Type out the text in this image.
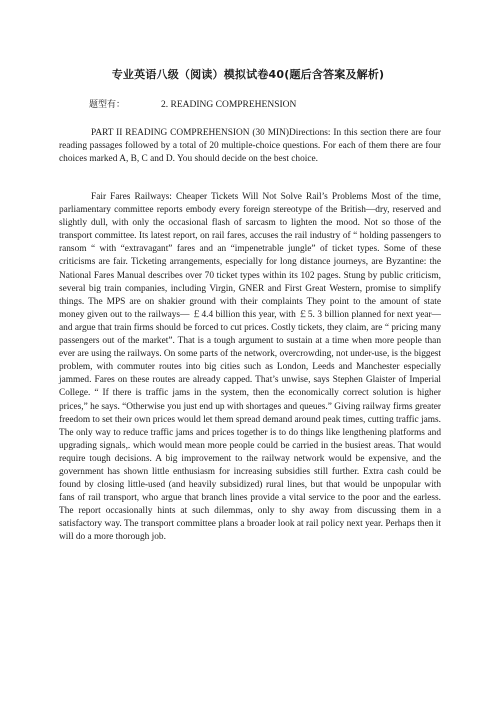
专业英语八级（阅读）模拟试卷40(题后含答案及解析)
题型有：	2. READING COMPREHENSION
PART II READING COMPREHENSION (30 MIN)Directions: In this section there are four reading passages followed by a total of 20 multiple-choice questions. For each of them there are four choices marked A, B, C and D. You should decide on the best choice.
Fair Fares Railways: Cheaper Tickets Will Not Solve Rail’s Problems Most of the time, parliamentary committee reports embody every foreign stereotype of the British—dry, reserved and slightly dull, with only the occasional flash of sarcasm to lighten the mood. Not so those of the transport committee. Its latest report, on rail fares, accuses the rail industry of “ holding passengers to ransom “ with “extravagant” fares and an “impenetrable jungle” of ticket types. Some of these criticisms are fair. Ticketing arrangements, especially for long distance journeys, are Byzantine: the National Fares Manual describes over 70 ticket types within its 102 pages. Stung by public criticism, several big train companies, including Virgin, GNER and First Great Western, promise to simplify things. The MPS are on shakier ground with their complaints They point to the amount of state money given out to the railways— ￡4.4 billion this year, with ￡5. 3 billion planned for next year—and argue that train firms should be forced to cut prices. Costly tickets, they claim, are “ pricing many passengers out of the market”. That is a tough argument to sustain at a time when more people than ever are using the railways. On some parts of the network, overcrowding, not under-use, is the biggest problem, with commuter routes into big cities such as London, Leeds and Manchester especially jammed. Fares on these routes are already capped. That’s unwise, says Stephen Glaister of Imperial College. “ If there is traffic jams in the system, then the economically correct solution is higher prices,” he says. “Otherwise you just end up with shortages and queues.” Giving railway firms greater freedom to set their own prices would let them spread demand around peak times, cutting traffic jams. The only way to reduce traffic jams and prices together is to do things like lengthening platforms and upgrading signals,. which would mean more people could be carried in the busiest areas. That would require tough decisions. A big improvement to the railway network would be expensive, and the government has shown little enthusiasm for increasing subsidies still further. Extra cash could be found by closing little-used (and heavily subsidized) rural lines, but that would be unpopular with fans of rail transport, who argue that branch lines provide a vital service to the poor and the earless. The report occasionally hints at such dilemmas, only to shy away from discussing them in a satisfactory way. The transport committee plans a broader look at rail policy next year. Perhaps then it will do a more thorough job.
